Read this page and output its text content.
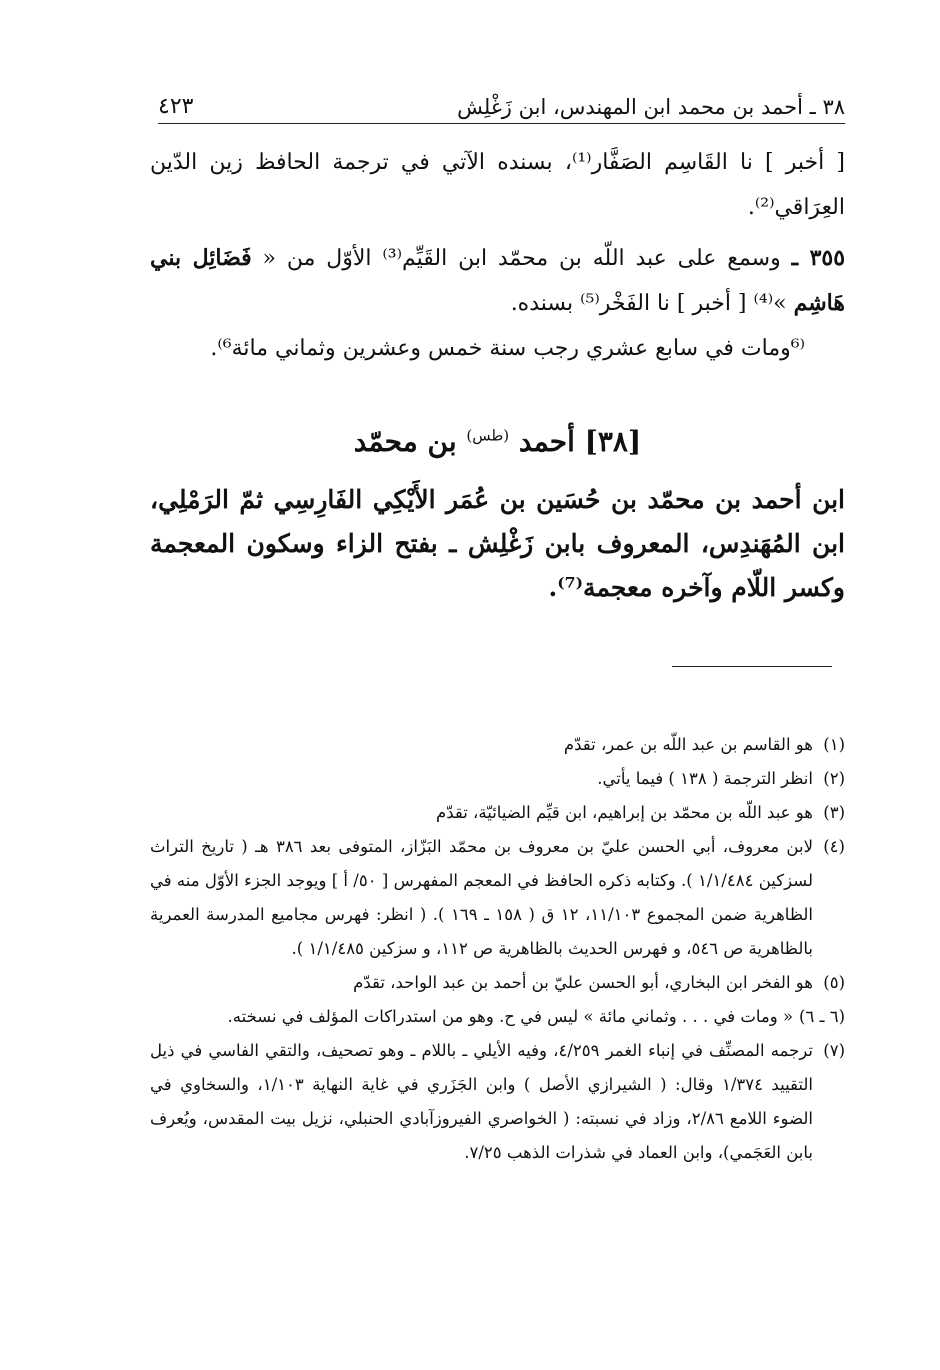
٣٨ ـ أحمد بن محمد ابن المهندس، ابن زَغْلِش
٤٢٣

[ أخبر ] نا القَاسِم الصَفَّار⁽¹⁾، بسنده الآتي في ترجمة الحافظ زين الدّين العِرَاقي⁽²⁾.

٣٥٥ ـ وسمع على عبد اللّه بن محمّد ابن القَيِّم⁽³⁾ الأوّل من « فَضَائِل بني هَاشِم »⁽⁴⁾ [ أخبر ] نا الفَخْر⁽⁵⁾ بسنده.

⁽⁶ومات في سابع عشري رجب سنة خمس وعشرين وثماني مائة⁶⁾.

[٣٨] أحمد $^{(طس)}$ بن محمّد
ابن أحمد بن محمّد بن حُسَين بن عُمَر الأَيْكِي الفَارِسِي ثمّ الرَمْلِي، ابن المُهَندِس، المعروف بابن زَغْلِش ـ بفتح الزاء وسكون المعجمة وكسر اللّام وآخره معجمة⁽⁷⁾.

(١)هو القاسم بن عبد اللّه بن عمر، تقدّم

(٢)انظر الترجمة ( ١٣٨ ) فيما يأتي.

(٣)هو عبد اللّه بن محمّد بن إبراهيم، ابن قيِّم الضيائيّة، تقدّم

(٤)لابن معروف، أبي الحسن عليّ بن معروف بن محمّد البَزّاز، المتوفى بعد ٣٨٦ هـ ( تاريخ التراث لسزكين ١/١/٤٨٤ ). وكتابه ذكره الحافظ في المعجم المفهرس [ ٥٠/ أ ] ويوجد الجزء الأوّل منه في الظاهرية ضمن المجموع ١١/١٠٣، ١٢ ق ( ١٥٨ ـ ١٦٩ ). ( انظر: فهرس مجاميع المدرسة العمرية بالظاهرية ص ٥٤٦، و فهرس الحديث بالظاهرية ص ١١٢، و سزكين ١/١/٤٨٥ ).

(٥)هو الفخر ابن البخاري، أبو الحسن عليّ بن أحمد بن عبد الواحد، تقدّم

(٦ ـ ٦)« ومات في . . . وثماني مائة » ليس في ح. وهو من استدراكات المؤلف في نسخته.

(٧)ترجمه المصنِّف في إنباء الغمر ٤/٢٥٩، وفيه الأيلي ـ باللام ـ وهو تصحيف، والتقي الفاسي في ذيل التقييد ١/٣٧٤ وقال: ( الشيرازي الأصل ) وابن الجَزَري في غاية النهاية ١/١٠٣، والسخاوي في الضوء اللامع ٢/٨٦، وزاد في نسبته: ( الخواصري الفيروزآبادي الحنبلي، نزيل بيت المقدس، ويُعرف بابن العَجَمي)، وابن العماد في شذرات الذهب ٧/٢٥.
